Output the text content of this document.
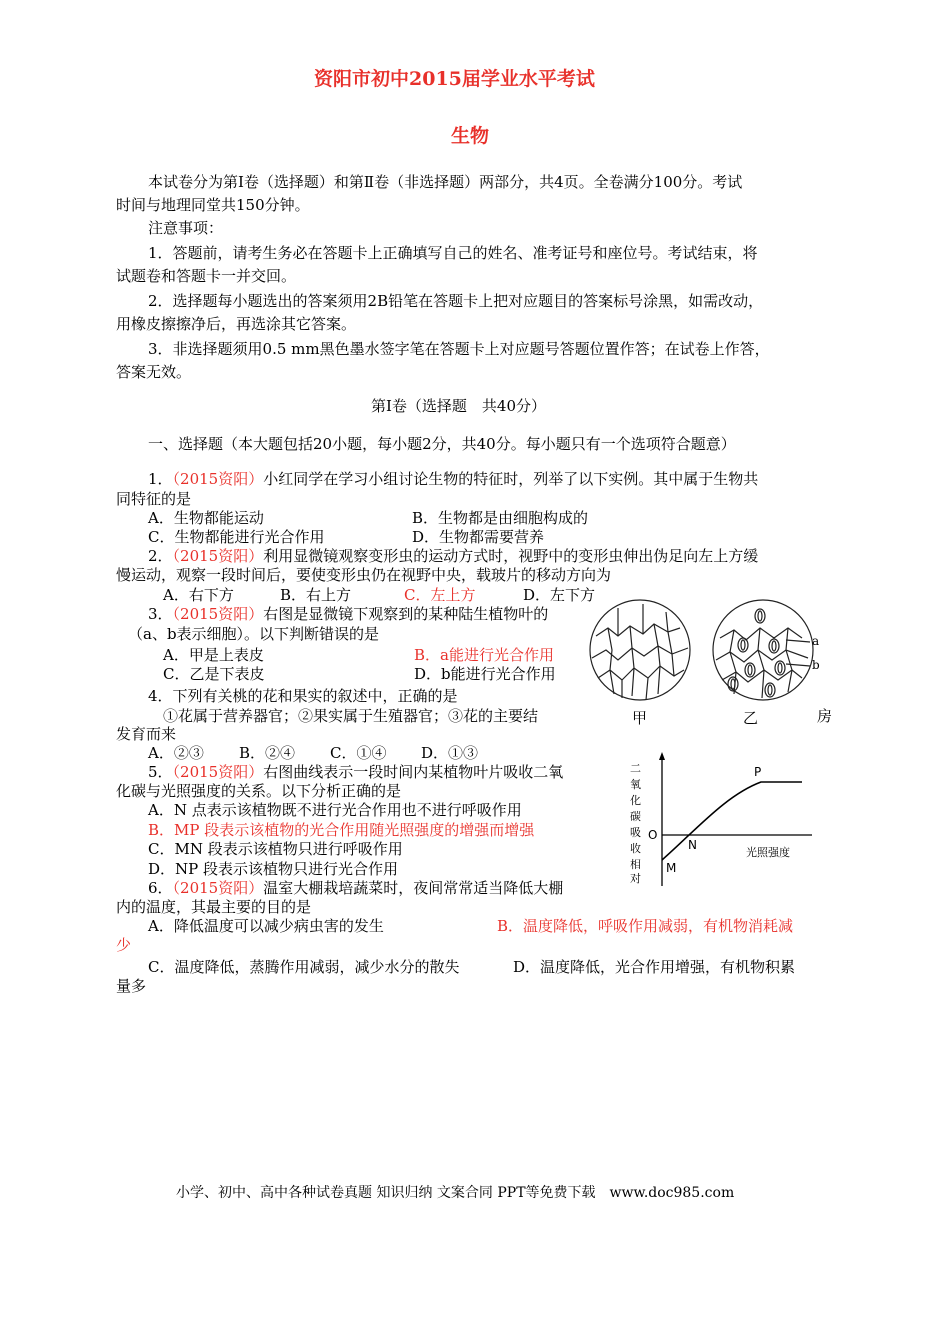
资阳市初中2015届学业水平考试
生物
本试卷分为第Ⅰ卷（选择题）和第Ⅱ卷（非选择题）两部分，共4页。全卷满分100分。考试
时间与地理同堂共150分钟。
注意事项：
1．答题前，请考生务必在答题卡上正确填写自己的姓名、准考证号和座位号。考试结束，将
试题卷和答题卡一并交回。
2．选择题每小题选出的答案须用2B铅笔在答题卡上把对应题目的答案标号涂黑，如需改动，
用橡皮擦擦净后，再选涂其它答案。
3．非选择题须用0.5 mm黑色墨水签字笔在答题卡上对应题号答题位置作答；在试卷上作答，
答案无效。
第Ⅰ卷（选择题　共40分）
一、选择题（本大题包括20小题，每小题2分，共40分。每小题只有一个选项符合题意）
1．（2015资阳）小红同学在学习小组讨论生物的特征时，列举了以下实例。其中属于生物共
同特征的是
A．生物都能运动	B．生物都是由细胞构成的
C．生物都能进行光合作用	D．生物都需要营养
2．（2015资阳）利用显微镜观察变形虫的运动方式时，视野中的变形虫伸出伪足向左上方缓
慢运动，观察一段时间后，要使变形虫仍在视野中央，载玻片的移动方向为
A．右下方	B．右上方	C．左上方	D．左下方
3．（2015资阳）右图是显微镜下观察到的某种陆生植物叶的
（a、b表示细胞）。以下判断错误的是
A．甲是上表皮	B．a能进行光合作用
C．乙是下表皮	D．b能进行光合作用
a
b
甲	乙
4．下列有关桃的花和果实的叙述中，正确的是
①花属于营养器官；②果实属于生殖器官；③花的主要结	房
发育而来
A．②③ B．②④ C．①④ D．①③
5．（2015资阳）右图曲线表示一段时间内某植物叶片吸收二氧
化碳与光照强度的关系。以下分析正确的是
A．N 点表示该植物既不进行光合作用也不进行呼吸作用
B．MP 段表示该植物的光合作用随光照强度的增强而增强
C．MN 段表示该植物只进行呼吸作用
D．NP 段表示该植物只进行光合作用
二
氧
化
碳
吸
收
相
对
P
O
N
M
光照强度
6．（2015资阳）温室大棚栽培蔬菜时，夜间常常适当降低大棚
内的温度，其最主要的目的是
A．降低温度可以减少病虫害的发生	B．温度降低，呼吸作用减弱，有机物消耗减
少
C．温度降低，蒸腾作用减弱，减少水分的散失	D．温度降低，光合作用增强，有机物积累
量多
小学、初中、高中各种试卷真题 知识归纳 文案合同 PPT等免费下载　www.doc985.com
